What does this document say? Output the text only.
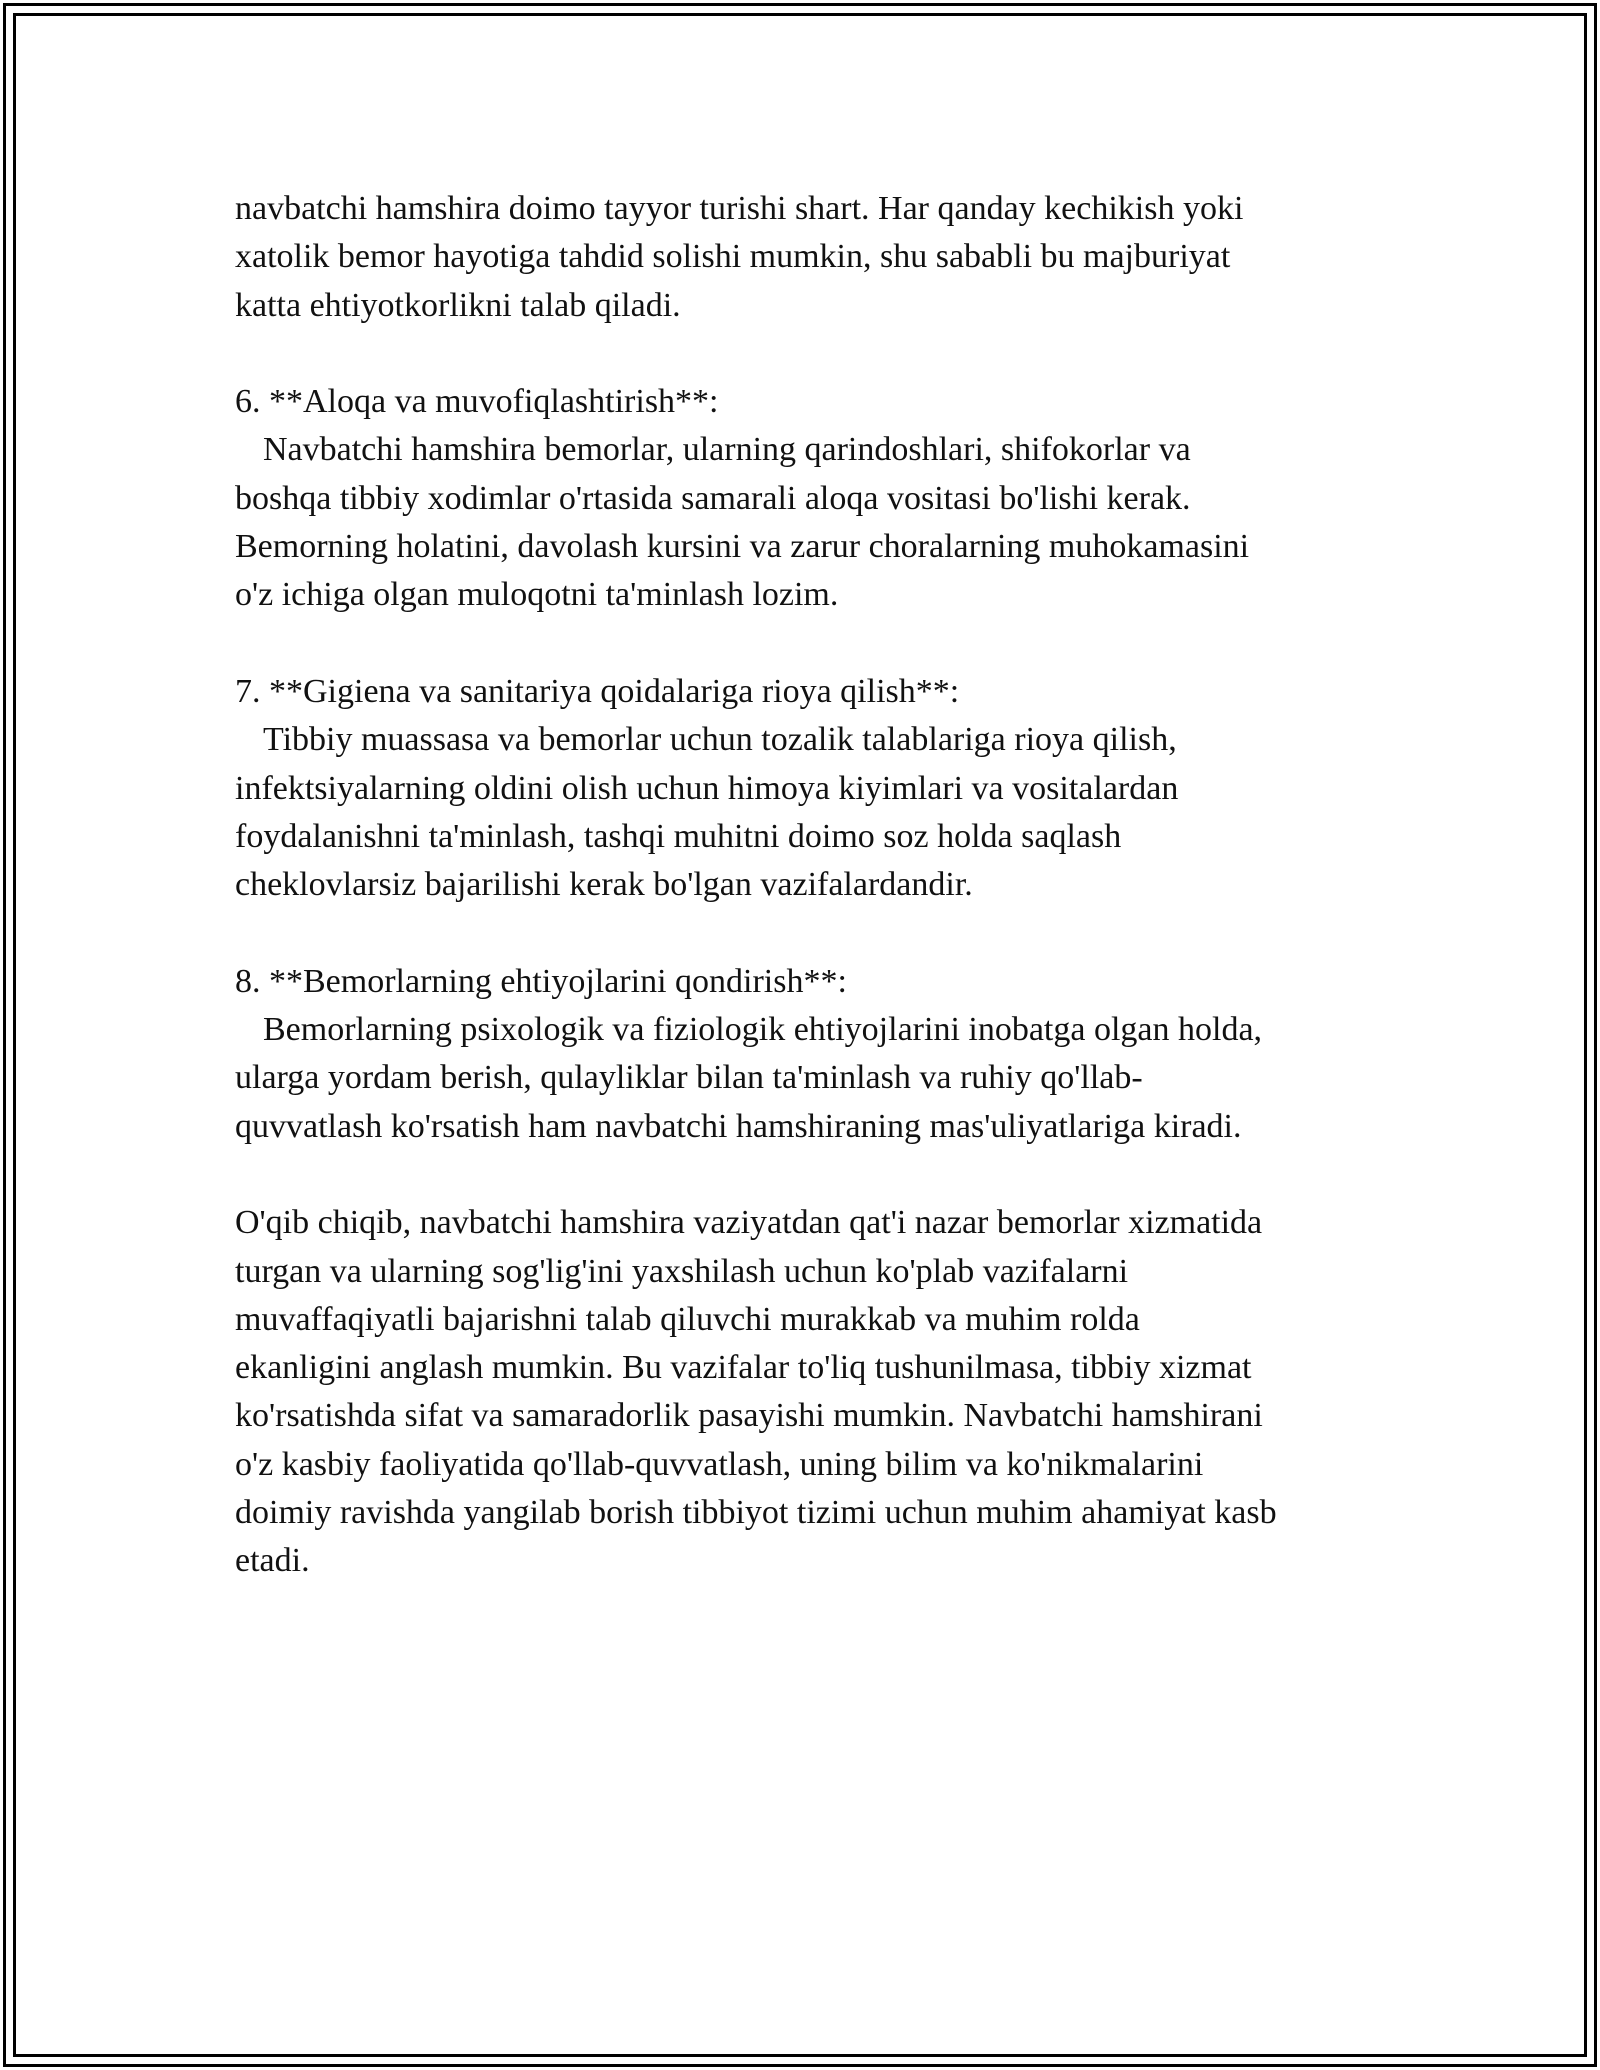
navbatchi hamshira doimo tayyor turishi shart. Har qanday kechikish yoki

xatolik bemor hayotiga tahdid solishi mumkin, shu sababli bu majburiyat

katta ehtiyotkorlikni talab qiladi.

6. **Aloqa va muvofiqlashtirish**:

Navbatchi hamshira bemorlar, ularning qarindoshlari, shifokorlar va

boshqa tibbiy xodimlar o'rtasida samarali aloqa vositasi bo'lishi kerak.

Bemorning holatini, davolash kursini va zarur choralarning muhokamasini

o'z ichiga olgan muloqotni ta'minlash lozim.

7. **Gigiena va sanitariya qoidalariga rioya qilish**:

Tibbiy muassasa va bemorlar uchun tozalik talablariga rioya qilish,

infektsiyalarning oldini olish uchun himoya kiyimlari va vositalardan

foydalanishni ta'minlash, tashqi muhitni doimo soz holda saqlash

cheklovlarsiz bajarilishi kerak bo'lgan vazifalardandir.

8. **Bemorlarning ehtiyojlarini qondirish**:

Bemorlarning psixologik va fiziologik ehtiyojlarini inobatga olgan holda,

ularga yordam berish, qulayliklar bilan ta'minlash va ruhiy qo'llab-

quvvatlash ko'rsatish ham navbatchi hamshiraning mas'uliyatlariga kiradi.

O'qib chiqib, navbatchi hamshira vaziyatdan qat'i nazar bemorlar xizmatida

turgan va ularning sog'lig'ini yaxshilash uchun ko'plab vazifalarni

muvaffaqiyatli bajarishni talab qiluvchi murakkab va muhim rolda

ekanligini anglash mumkin. Bu vazifalar to'liq tushunilmasa, tibbiy xizmat

ko'rsatishda sifat va samaradorlik pasayishi mumkin. Navbatchi hamshirani

o'z kasbiy faoliyatida qo'llab-quvvatlash, uning bilim va ko'nikmalarini

doimiy ravishda yangilab borish tibbiyot tizimi uchun muhim ahamiyat kasb

etadi.
